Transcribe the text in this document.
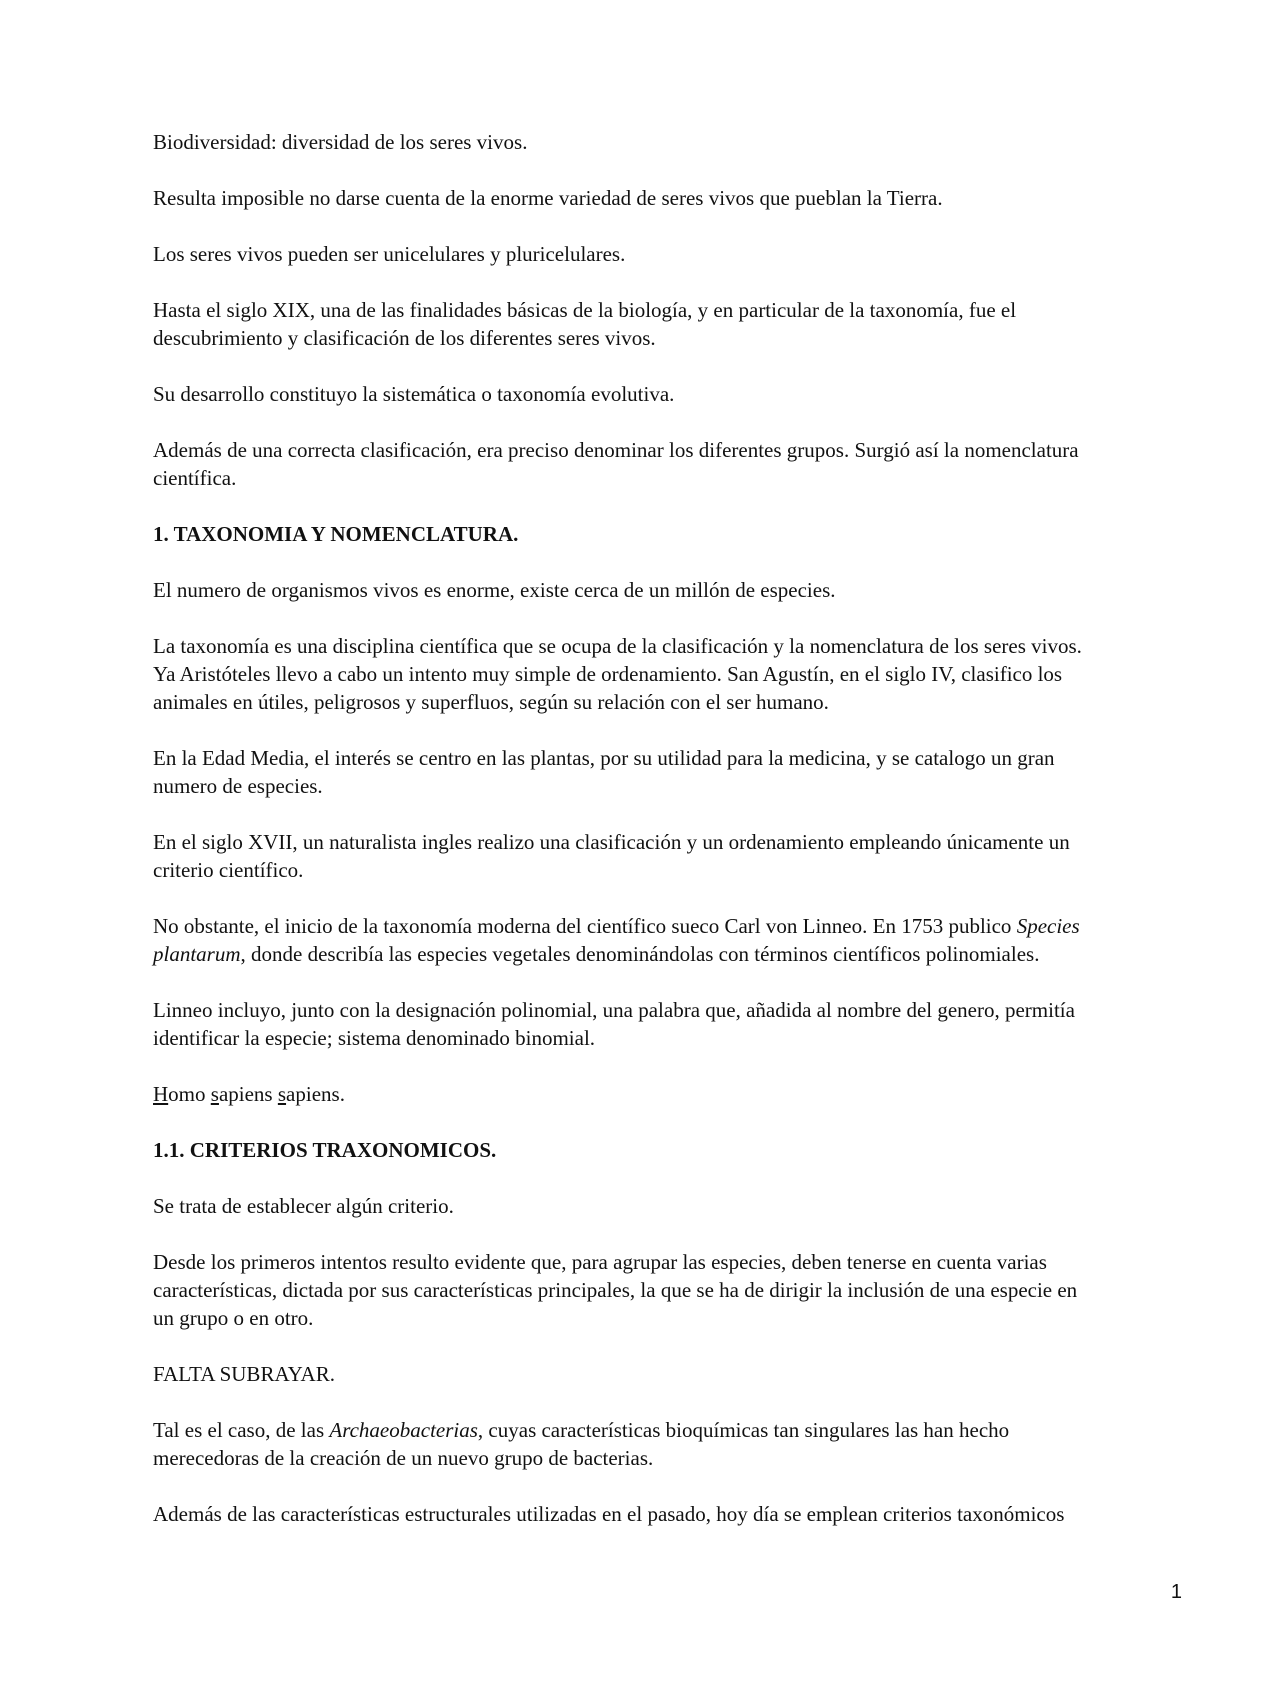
Biodiversidad: diversidad de los seres vivos.

Resulta imposible no darse cuenta de la enorme variedad de seres vivos que pueblan la Tierra.

Los seres vivos pueden ser unicelulares y pluricelulares.

Hasta el siglo XIX, una de las finalidades básicas de la biología, y en particular de la taxonomía, fue el
descubrimiento y clasificación de los diferentes seres vivos.

Su desarrollo constituyo la sistemática o taxonomía evolutiva.

Además de una correcta clasificación, era preciso denominar los diferentes grupos. Surgió así la nomenclatura
científica.

1. TAXONOMIA Y NOMENCLATURA.

El numero de organismos vivos es enorme, existe cerca de un millón de especies.

La taxonomía es una disciplina científica que se ocupa de la clasificación y la nomenclatura de los seres vivos.
Ya Aristóteles llevo a cabo un intento muy simple de ordenamiento. San Agustín, en el siglo IV, clasifico los
animales en útiles, peligrosos y superfluos, según su relación con el ser humano.

En la Edad Media, el interés se centro en las plantas, por su utilidad para la medicina, y se catalogo un gran
numero de especies.

En el siglo XVII, un naturalista ingles realizo una clasificación y un ordenamiento empleando únicamente un
criterio científico.

No obstante, el inicio de la taxonomía moderna del científico sueco Carl von Linneo. En 1753 publico Species
plantarum, donde describía las especies vegetales denominándolas con términos científicos polinomiales.

Linneo incluyo, junto con la designación polinomial, una palabra que, añadida al nombre del genero, permitía
identificar la especie; sistema denominado binomial.

Homo sapiens sapiens.

1.1. CRITERIOS TRAXONOMICOS.

Se trata de establecer algún criterio.

Desde los primeros intentos resulto evidente que, para agrupar las especies, deben tenerse en cuenta varias
características, dictada por sus características principales, la que se ha de dirigir la inclusión de una especie en
un grupo o en otro.

FALTA SUBRAYAR.

Tal es el caso, de las Archaeobacterias, cuyas características bioquímicas tan singulares las han hecho
merecedoras de la creación de un nuevo grupo de bacterias.

Además de las características estructurales utilizadas en el pasado, hoy día se emplean criterios taxonómicos

1
